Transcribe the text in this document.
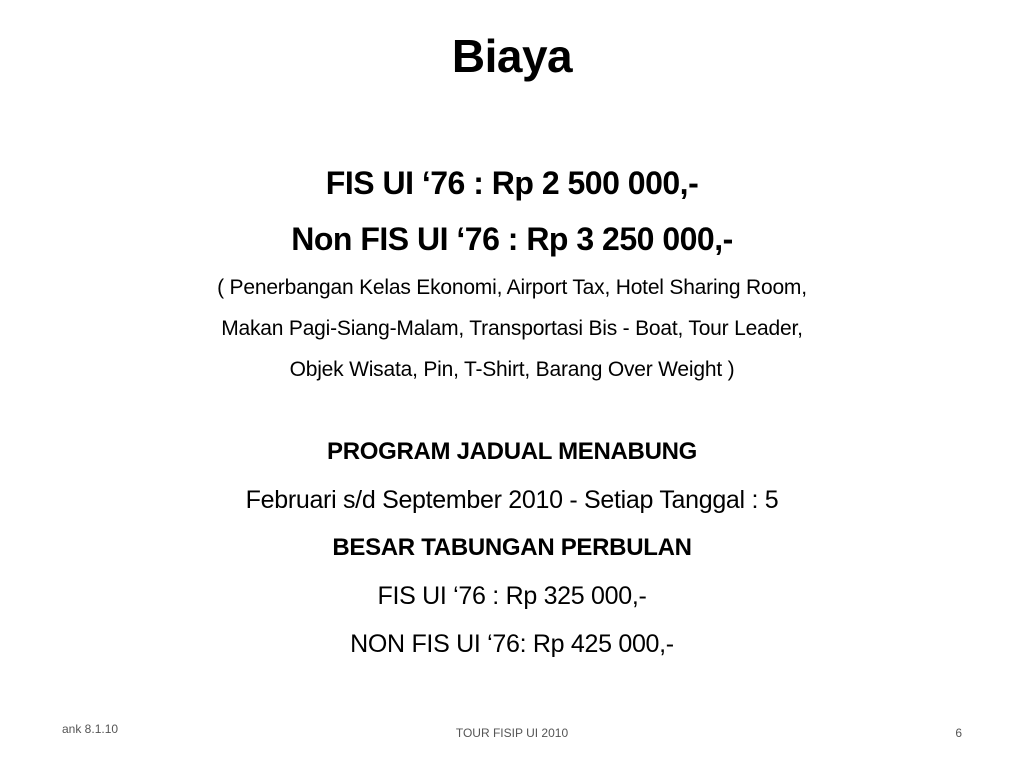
Biaya
FIS UI ‘76 : Rp 2 500 000,-
Non FIS UI ‘76 : Rp 3 250 000,-
( Penerbangan Kelas Ekonomi, Airport Tax, Hotel Sharing Room,
Makan Pagi-Siang-Malam, Transportasi Bis - Boat, Tour Leader,
Objek Wisata, Pin, T-Shirt, Barang Over Weight )
PROGRAM JADUAL MENABUNG
Februari s/d September 2010 - Setiap Tanggal : 5
BESAR TABUNGAN PERBULAN
FIS UI ‘76 : Rp 325 000,-
NON FIS UI ‘76: Rp 425 000,-
ank 8.1.10	TOUR FISIP UI 2010	6
